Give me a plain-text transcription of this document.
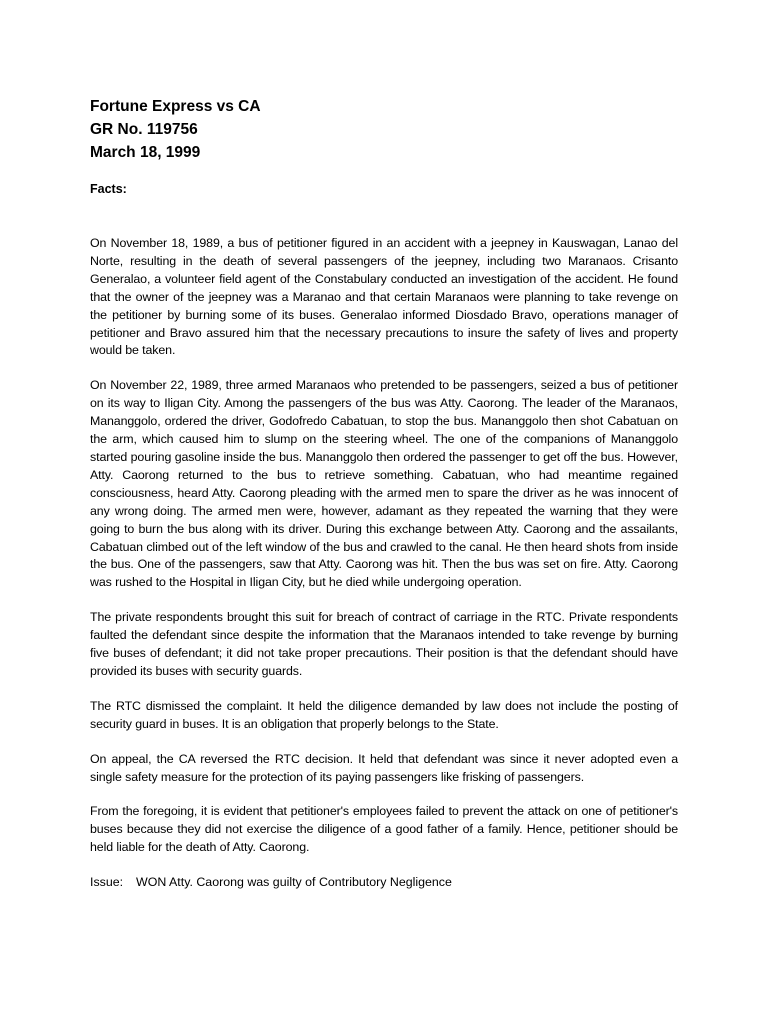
Fortune Express vs CA

GR No. 119756

March 18, 1999

Facts:

On November 18, 1989, a bus of petitioner figured in an accident with a jeepney in Kauswagan, Lanao del Norte, resulting in the death of several passengers of the jeepney, including two Maranaos. Crisanto Generalao, a volunteer field agent of the Constabulary conducted an investigation of the accident. He found that the owner of the jeepney was a Maranao and that certain Maranaos were planning to take revenge on the petitioner by burning some of its buses. Generalao informed Diosdado Bravo, operations manager of petitioner and Bravo assured him that the necessary precautions to insure the safety of lives and property would be taken.

On November 22, 1989, three armed Maranaos who pretended to be passengers, seized a bus of petitioner on its way to Iligan City. Among the passengers of the bus was Atty. Caorong. The leader of the Maranaos, Mananggolo, ordered the driver, Godofredo Cabatuan, to stop the bus. Mananggolo then shot Cabatuan on the arm, which caused him to slump on the steering wheel. The one of the companions of Mananggolo started pouring gasoline inside the bus. Mananggolo then ordered the passenger to get off the bus. However, Atty. Caorong returned to the bus to retrieve something. Cabatuan, who had meantime regained consciousness, heard Atty. Caorong pleading with the armed men to spare the driver as he was innocent of any wrong doing. The armed men were, however, adamant as they repeated the warning that they were going to burn the bus along with its driver. During this exchange between Atty. Caorong and the assailants, Cabatuan climbed out of the left window of the bus and crawled to the canal. He then heard shots from inside the bus. One of the passengers, saw that Atty. Caorong was hit. Then the bus was set on fire. Atty. Caorong was rushed to the Hospital in Iligan City, but he died while undergoing operation.

The private respondents brought this suit for breach of contract of carriage in the RTC. Private respondents faulted the defendant since despite the information that the Maranaos intended to take revenge by burning five buses of defendant; it did not take proper precautions. Their position is that the defendant should have provided its buses with security guards.

The RTC dismissed the complaint. It held the diligence demanded by law does not include the posting of security guard in buses. It is an obligation that properly belongs to the State.

On appeal, the CA reversed the RTC decision. It held that defendant was since it never adopted even a single safety measure for the protection of its paying passengers like frisking of passengers.

From the foregoing, it is evident that petitioner's employees failed to prevent the attack on one of petitioner's buses because they did not exercise the diligence of a good father of a family. Hence, petitioner should be held liable for the death of Atty. Caorong.

Issue:	WON Atty. Caorong was guilty of Contributory Negligence
